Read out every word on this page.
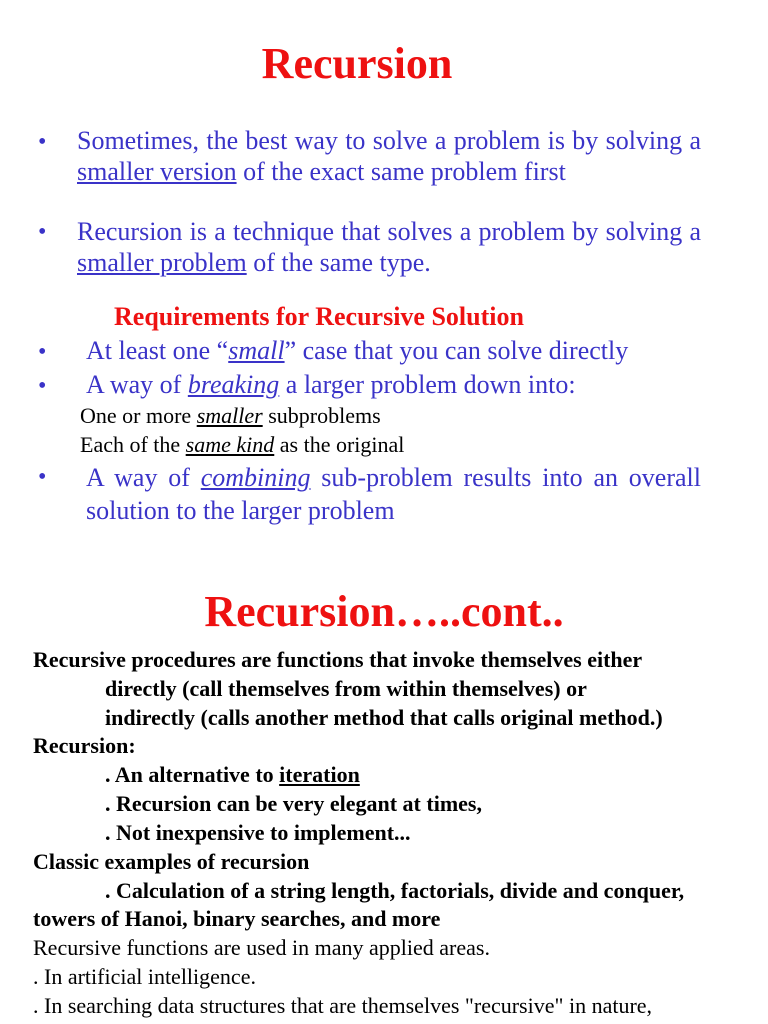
Recursion
• Sometimes, the best way to solve a problem is by solving a smaller version of the exact same problem first
• Recursion is a technique that solves a problem by solving a smaller problem of the same type.
Requirements for Recursive Solution
• At least one “small” case that you can solve directly
• A way of breaking a larger problem down into:
One or more smaller subproblems
Each of the same kind as the original
• A way of combining sub-problem results into an overall solution to the larger problem
Recursion…..cont..
Recursive procedures are functions that invoke themselves either
directly (call themselves from within themselves) or
indirectly (calls another method that calls original method.)
Recursion:
. An alternative to iteration
. Recursion can be very elegant at times,
. Not inexpensive to implement...
Classic examples of recursion
. Calculation of a string length, factorials, divide and conquer,
towers of Hanoi, binary searches, and more
Recursive functions are used in many applied areas.
. In artificial intelligence.
. In searching data structures that are themselves "recursive" in nature,
